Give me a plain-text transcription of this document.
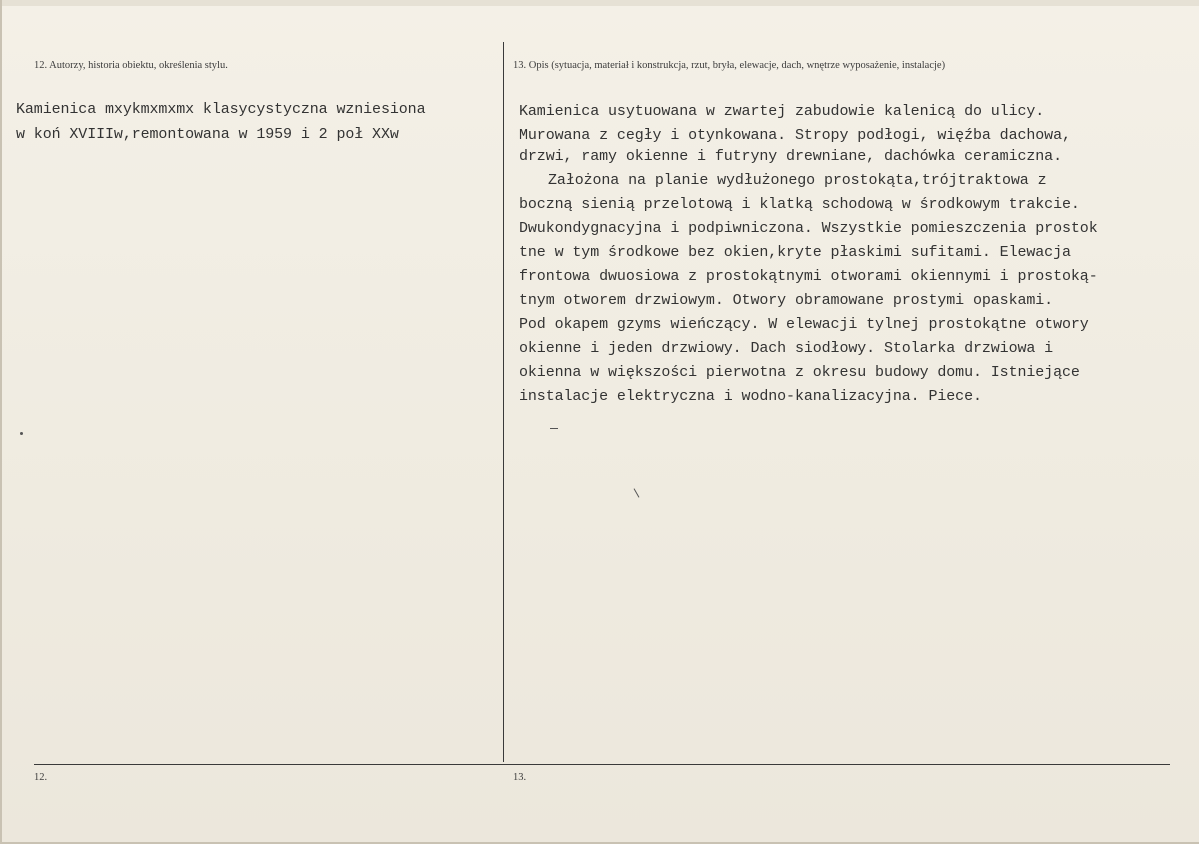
12. Autorzy, historia obiektu, określenia stylu.
Kamienica mxykmxmxmx klasycystyczna wzniesiona
w koń XVIIIw,remontowana w 1959 i 2 poł XXw
13. Opis (sytuacja, materiał i konstrukcja, rzut, bryła, elewacje, dach, wnętrze wyposażenie, instalacje)
Kamienica usytuowana w zwartej zabudowie kalenicą do ulicy.
Murowana z cegły i otynkowana. Stropy podłogi, więźba dachowa,
drzwi, ramy okienne i futryny drewniane, dachówka ceramiczna.
Założona na planie wydłużonego prostokąta,trójtraktowa z
boczną sienią przelotową i klatką schodową w środkowym trakcie.
Dwukondygnacyjna i podpiwniczona. Wszystkie pomieszczenia prostok
tne w tym środkowe bez okien,kryte płaskimi sufitami. Elewacja
frontowa dwuosiowa z prostokątnymi otworami okiennymi i prostoką-
tnym otworem drzwiowym. Otwory obramowane prostymi opaskami.
Pod okapem gzyms wieńczący. W elewacji tylnej prostokątne otwory
okienne i jeden drzwiowy. Dach siodłowy. Stolarka drzwiowa i
okienna w większości pierwotna z okresu budowy domu. Istniejące
instalacje elektryczna i wodno-kanalizacyjna. Piece.
12.	13.
